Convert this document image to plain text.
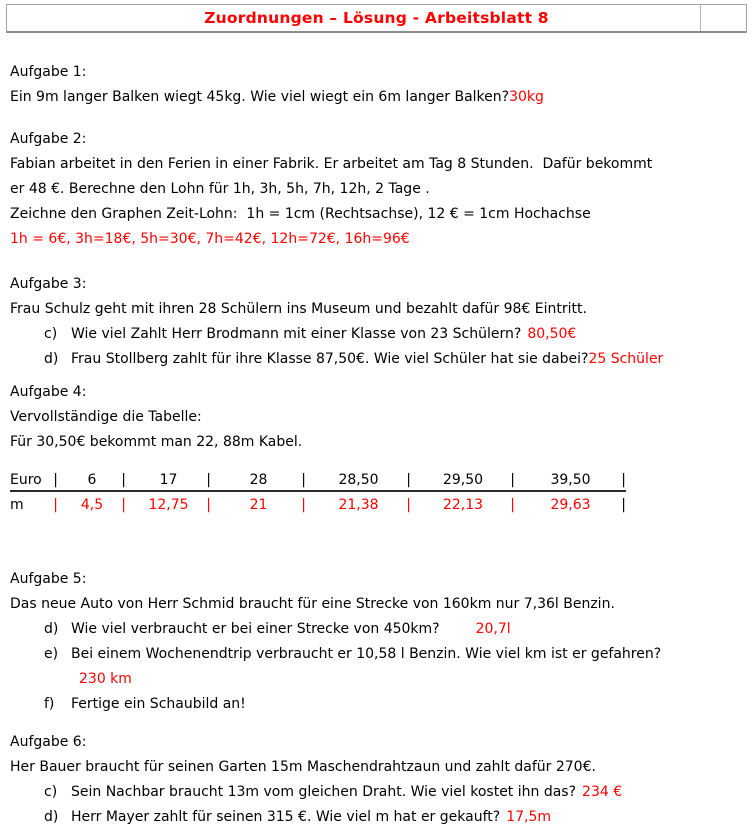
Zuordnungen – Lösung - Arbeitsblatt 8
Aufgabe 1:
Ein 9m langer Balken wiegt 45kg. Wie viel wiegt ein 6m langer Balken?30kg
Aufgabe 2:
Fabian arbeitet in den Ferien in einer Fabrik. Er arbeitet am Tag 8 Stunden.  Dafür bekommt
er 48 €. Berechne den Lohn für 1h, 3h, 5h, 7h, 12h, 2 Tage .
Zeichne den Graphen Zeit-Lohn:  1h = 1cm (Rechtsachse), 12 € = 1cm Hochachse
1h = 6€, 3h=18€, 5h=30€, 7h=42€, 12h=72€, 16h=96€
Aufgabe 3:
Frau Schulz geht mit ihren 28 Schülern ins Museum und bezahlt dafür 98€ Eintritt.
c) Wie viel Zahlt Herr Brodmann mit einer Klasse von 23 Schülern? 80,50€
d) Frau Stollberg zahlt für ihre Klasse 87,50€. Wie viel Schüler hat sie dabei?25 Schüler
Aufgabe 4:
Vervollständige die Tabelle:
Für 30,50€ bekommt man 22, 88m Kabel.
Euro |	6	|	17	|	28	|	28,50	|	29,50	|	39,50	|
m	|	4,5	|	12,75	|	21	|	21,38	|	22,13	|	29,63	|
Aufgabe 5:
Das neue Auto von Herr Schmid braucht für eine Strecke von 160km nur 7,36l Benzin.
d) Wie viel verbraucht er bei einer Strecke von 450km?	20,7l
e) Bei einem Wochenendtrip verbraucht er 10,58 l Benzin. Wie viel km ist er gefahren?
230 km
f) Fertige ein Schaubild an!
Aufgabe 6:
Her Bauer braucht für seinen Garten 15m Maschendrahtzaun und zahlt dafür 270€.
c) Sein Nachbar braucht 13m vom gleichen Draht. Wie viel kostet ihn das? 234 €
d) Herr Mayer zahlt für seinen 315 €. Wie viel m hat er gekauft? 17,5m
